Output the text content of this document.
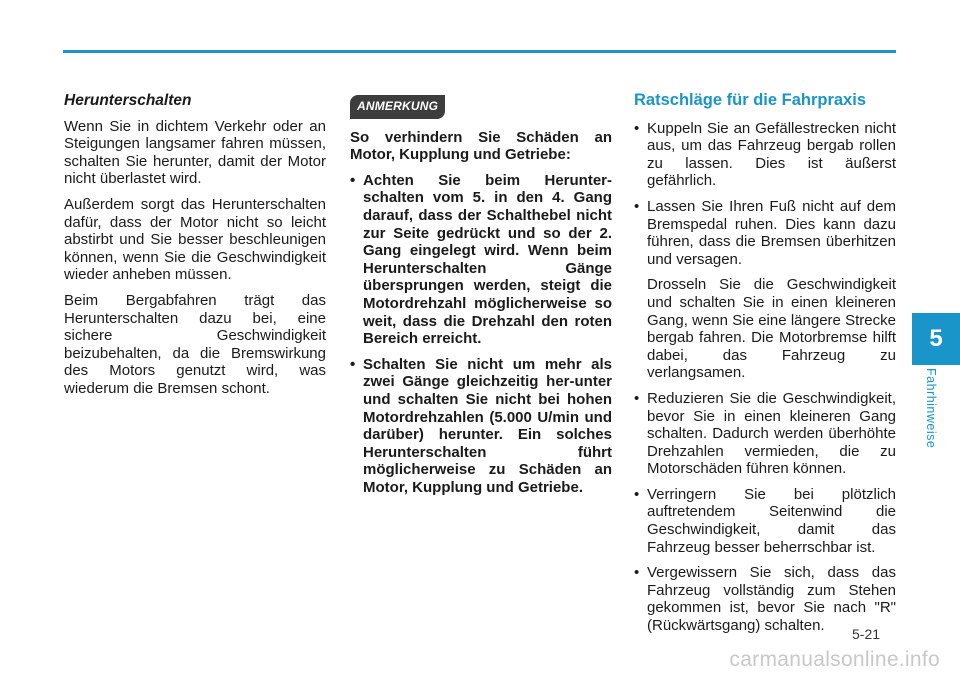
Herunterschalten

Wenn Sie in dichtem Verkehr oder an Steigungen langsamer fahren müssen, schalten Sie herunter, damit der Motor nicht überlastet wird.

Außerdem sorgt das Herunterschalten dafür, dass der Motor nicht so leicht abstirbt und Sie besser beschleunigen können, wenn Sie die Geschwindigkeit wieder anheben müssen.

Beim Bergabfahren trägt das Herunterschalten dazu bei, eine sichere Geschwindigkeit beizubehalten, da die Bremswirkung des Motors genutzt wird, was wiederum die Bremsen schont.

ANMERKUNG

So verhindern Sie Schäden an Motor, Kupplung und Getriebe:

• Achten Sie beim Herunter-schalten vom 5. in den 4. Gang darauf, dass der Schalthebel nicht zur Seite gedrückt und so der 2. Gang eingelegt wird. Wenn beim Herunterschalten Gänge übersprungen werden, steigt die Motordrehzahl möglicherweise so weit, dass die Drehzahl den roten Bereich erreicht.

• Schalten Sie nicht um mehr als zwei Gänge gleichzeitig her-unter und schalten Sie nicht bei hohen Motordrehzahlen (5.000 U/min und darüber) herunter. Ein solches Herunterschalten führt möglicherweise zu Schäden an Motor, Kupplung und Getriebe.

Ratschläge für die Fahrpraxis
• Kuppeln Sie an Gefällestrecken nicht aus, um das Fahrzeug bergab rollen zu lassen. Dies ist äußerst gefährlich.

• Lassen Sie Ihren Fuß nicht auf dem Bremspedal ruhen. Dies kann dazu führen, dass die Bremsen überhitzen und versagen.

Drosseln Sie die Geschwindigkeit und schalten Sie in einen kleineren Gang, wenn Sie eine längere Strecke bergab fahren. Die Motorbremse hilft dabei, das Fahrzeug zu verlangsamen.

• Reduzieren Sie die Geschwindigkeit, bevor Sie in einen kleineren Gang schalten. Dadurch werden überhöhte Drehzahlen vermieden, die zu Motorschäden führen können.

• Verringern Sie bei plötzlich auftretendem Seitenwind die Geschwindigkeit, damit das Fahrzeug besser beherrschbar ist.

• Vergewissern Sie sich, dass das Fahrzeug vollständig zum Stehen gekommen ist, bevor Sie nach "R" (Rückwärtsgang) schalten.

5
Fahrhinweise
5-21
carmanualsonline.info
